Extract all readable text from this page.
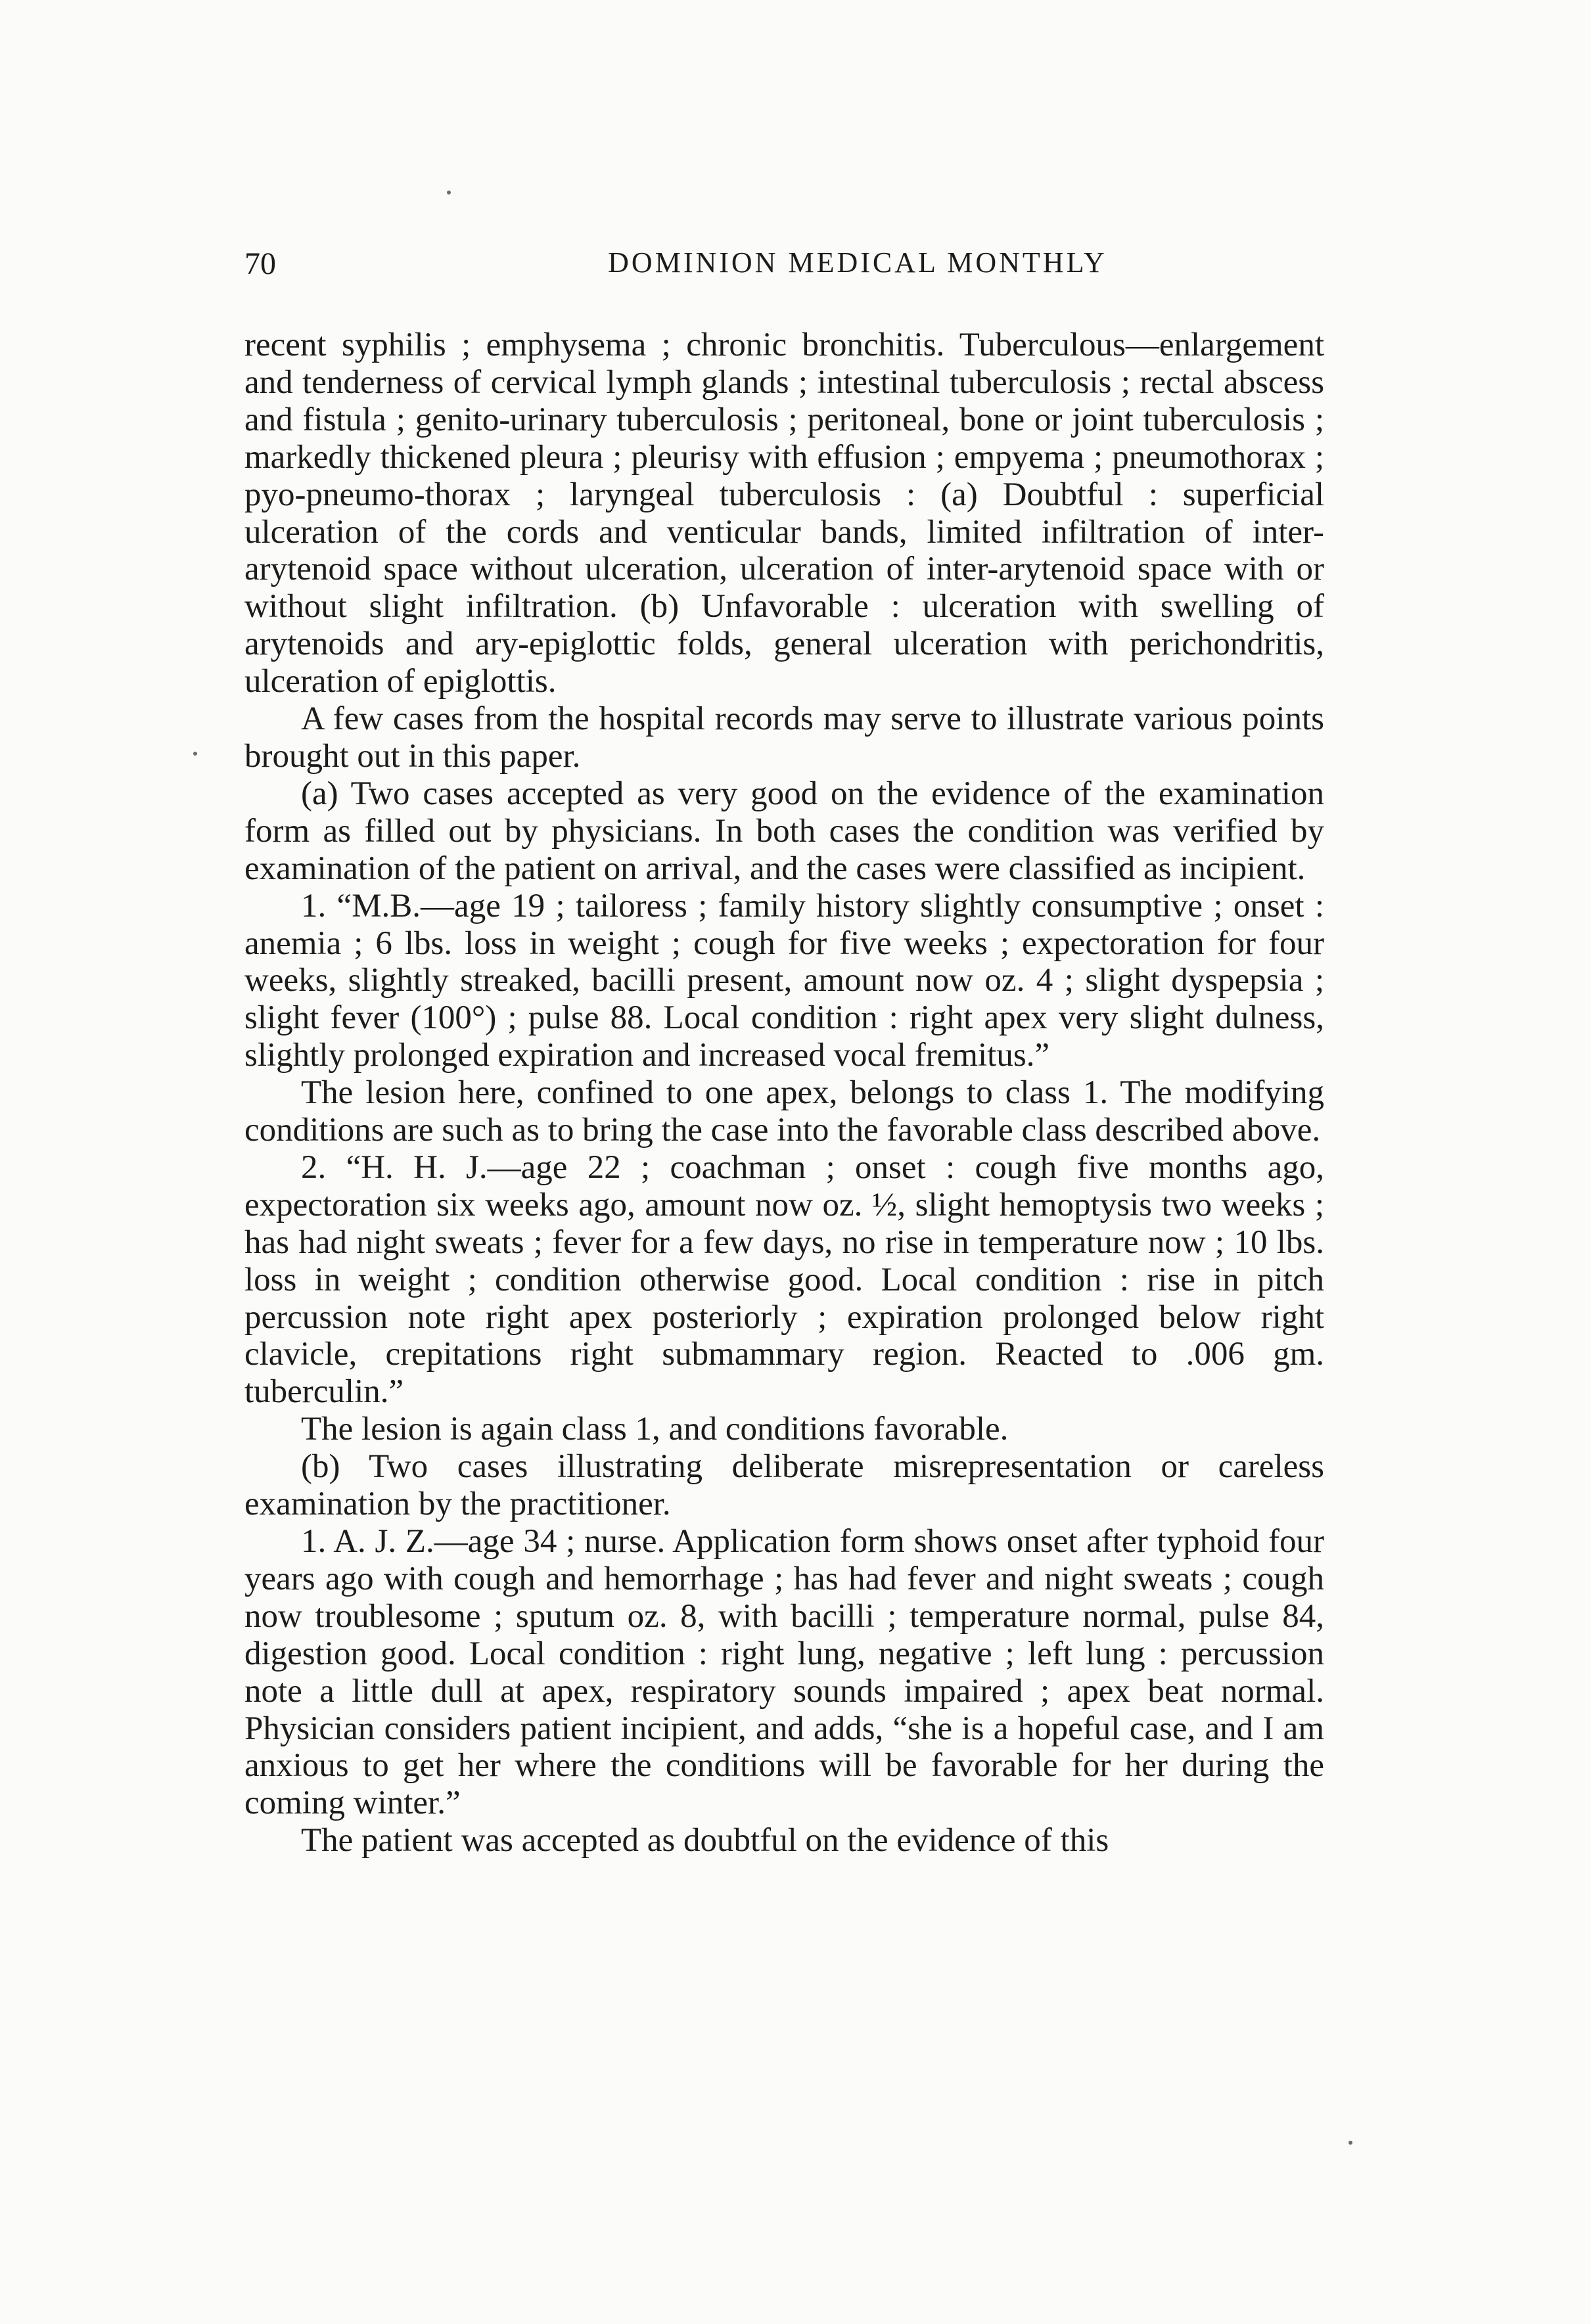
70	DOMINION MEDICAL MONTHLY

recent syphilis ; emphysema ; chronic bronchitis. Tuberculous—enlargement and tenderness of cervical lymph glands ; intestinal tuberculosis ; rectal abscess and fistula ; genito-urinary tuberculosis ; peritoneal, bone or joint tuberculosis ; markedly thickened pleura ; pleurisy with effusion ; empyema ; pneumothorax ; pyo-pneumo-thorax ; laryngeal tuberculosis : (a) Doubtful : superficial ulceration of the cords and venticular bands, limited infiltration of inter-arytenoid space without ulceration, ulceration of inter-arytenoid space with or without slight infiltration. (b) Unfavorable : ulceration with swelling of arytenoids and ary-epiglottic folds, general ulceration with perichondritis, ulceration of epiglottis.

A few cases from the hospital records may serve to illustrate various points brought out in this paper.

(a) Two cases accepted as very good on the evidence of the examination form as filled out by physicians. In both cases the condition was verified by examination of the patient on arrival, and the cases were classified as incipient.

1. “M.B.—age 19 ; tailoress ; family history slightly consumptive ; onset : anemia ; 6 lbs. loss in weight ; cough for five weeks ; expectoration for four weeks, slightly streaked, bacilli present, amount now oz. 4 ; slight dyspepsia ; slight fever (100°) ; pulse 88. Local condition : right apex very slight dulness, slightly prolonged expiration and increased vocal fremitus.”

The lesion here, confined to one apex, belongs to class 1. The modifying conditions are such as to bring the case into the favorable class described above.

2. “H. H. J.—age 22 ; coachman ; onset : cough five months ago, expectoration six weeks ago, amount now oz. ½, slight hemoptysis two weeks ; has had night sweats ; fever for a few days, no rise in temperature now ; 10 lbs. loss in weight ; condition otherwise good. Local condition : rise in pitch percussion note right apex posteriorly ; expiration prolonged below right clavicle, crepitations right submammary region. Reacted to .006 gm. tuberculin.”

The lesion is again class 1, and conditions favorable.

(b) Two cases illustrating deliberate misrepresentation or careless examination by the practitioner.

1. A. J. Z.—age 34 ; nurse. Application form shows onset after typhoid four years ago with cough and hemorrhage ; has had fever and night sweats ; cough now troublesome ; sputum oz. 8, with bacilli ; temperature normal, pulse 84, digestion good. Local condition : right lung, negative ; left lung : percussion note a little dull at apex, respiratory sounds impaired ; apex beat normal. Physician considers patient incipient, and adds, “she is a hopeful case, and I am anxious to get her where the conditions will be favorable for her during the coming winter.”

The patient was accepted as doubtful on the evidence of this
